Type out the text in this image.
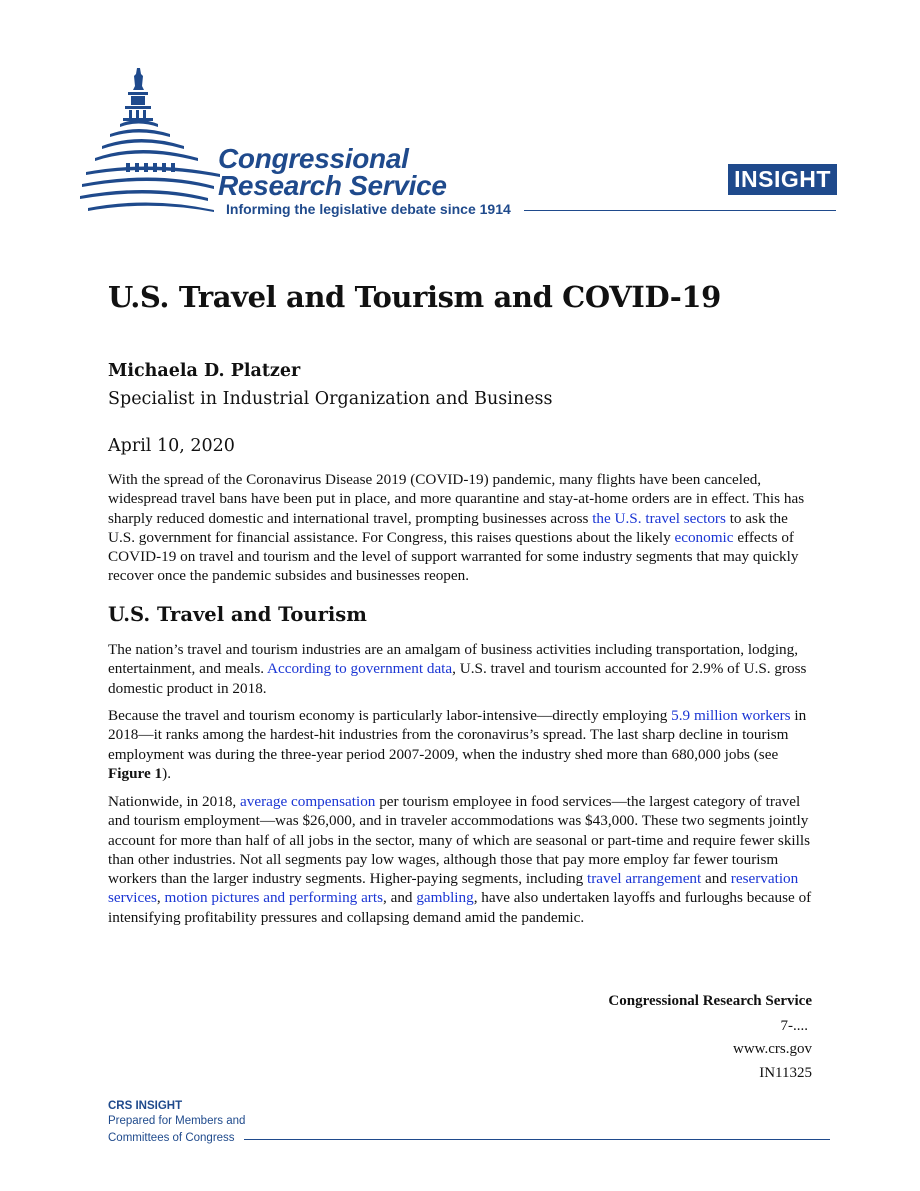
Congressional
Research Service
Informing the legislative debate since 1914
INSIGHT
U.S. Travel and Tourism and COVID-19

Michaela D. Platzer

Specialist in Industrial Organization and Business

April 10, 2020

With the spread of the Coronavirus Disease 2019 (COVID-19) pandemic, many flights have been canceled, widespread travel bans have been put in place, and more quarantine and stay-at-home orders are in effect. This has sharply reduced domestic and international travel, prompting businesses across the U.S. travel sectors to ask the U.S. government for financial assistance. For Congress, this raises questions about the likely economic effects of COVID-19 on travel and tourism and the level of support warranted for some industry segments that may quickly recover once the pandemic subsides and businesses reopen.

U.S. Travel and Tourism

The nation’s travel and tourism industries are an amalgam of business activities including transportation, lodging, entertainment, and meals. According to government data, U.S. travel and tourism accounted for 2.9% of U.S. gross domestic product in 2018.

Because the travel and tourism economy is particularly labor-intensive—directly employing 5.9 million workers in 2018—it ranks among the hardest-hit industries from the coronavirus’s spread. The last sharp decline in tourism employment was during the three-year period 2007-2009, when the industry shed more than 680,000 jobs (see Figure 1).

Nationwide, in 2018, average compensation per tourism employee in food services—the largest category of travel and tourism employment—was $26,000, and in traveler accommodations was $43,000. These two segments jointly account for more than half of all jobs in the sector, many of which are seasonal or part-time and require fewer skills than other industries. Not all segments pay low wages, although those that pay more employ far fewer tourism workers than the larger industry segments. Higher-paying segments, including travel arrangement and reservation services, motion pictures and performing arts, and gambling, have also undertaken layoffs and furloughs because of intensifying profitability pressures and collapsing demand amid the pandemic.

Congressional Research Service

7-....

www.crs.gov

IN11325

CRS INSIGHT
Prepared for Members and
Committees of Congress
